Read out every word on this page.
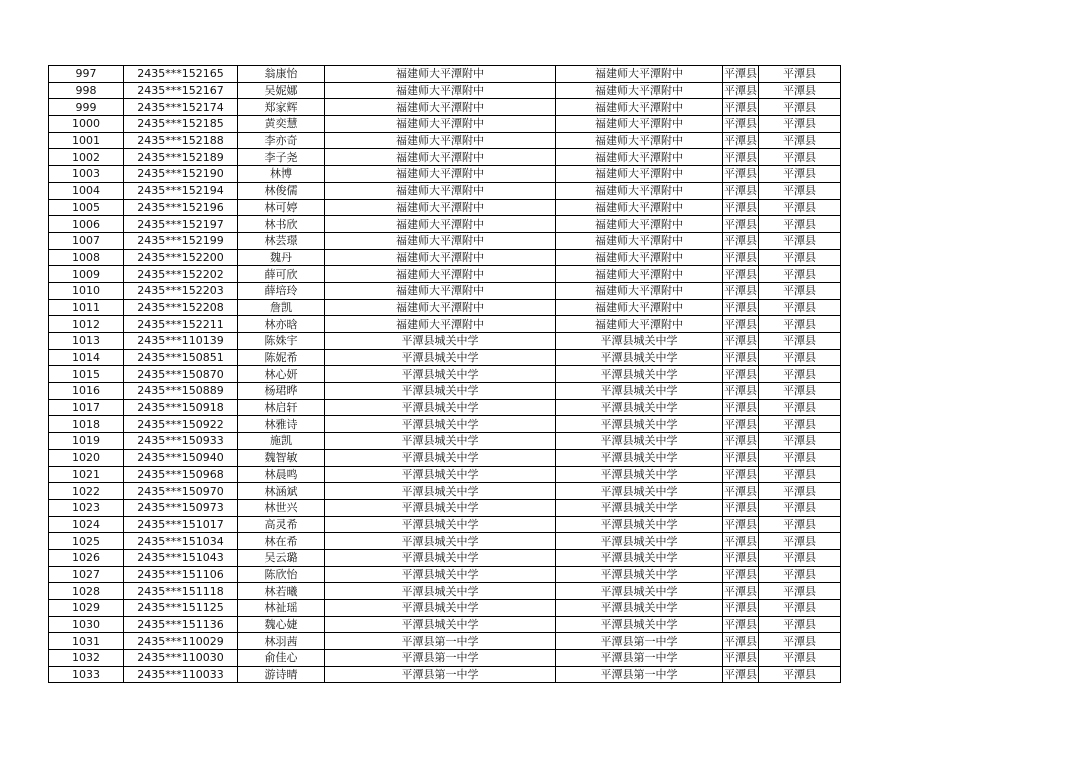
997	2435***152165	翁康怡	福建师大平潭附中	福建师大平潭附中	平潭县	平潭县
998	2435***152167	吴妮娜	福建师大平潭附中	福建师大平潭附中	平潭县	平潭县
999	2435***152174	郑家辉	福建师大平潭附中	福建师大平潭附中	平潭县	平潭县
1000	2435***152185	黄奕慧	福建师大平潭附中	福建师大平潭附中	平潭县	平潭县
1001	2435***152188	李亦奇	福建师大平潭附中	福建师大平潭附中	平潭县	平潭县
1002	2435***152189	李子尧	福建师大平潭附中	福建师大平潭附中	平潭县	平潭县
1003	2435***152190	林博	福建师大平潭附中	福建师大平潭附中	平潭县	平潭县
1004	2435***152194	林俊儒	福建师大平潭附中	福建师大平潭附中	平潭县	平潭县
1005	2435***152196	林可婷	福建师大平潭附中	福建师大平潭附中	平潭县	平潭县
1006	2435***152197	林书欣	福建师大平潭附中	福建师大平潭附中	平潭县	平潭县
1007	2435***152199	林芸璟	福建师大平潭附中	福建师大平潭附中	平潭县	平潭县
1008	2435***152200	魏丹	福建师大平潭附中	福建师大平潭附中	平潭县	平潭县
1009	2435***152202	薛可欣	福建师大平潭附中	福建师大平潭附中	平潭县	平潭县
1010	2435***152203	薛培玲	福建师大平潭附中	福建师大平潭附中	平潭县	平潭县
1011	2435***152208	詹凯	福建师大平潭附中	福建师大平潭附中	平潭县	平潭县
1012	2435***152211	林亦晗	福建师大平潭附中	福建师大平潭附中	平潭县	平潭县
1013	2435***110139	陈姝宇	平潭县城关中学	平潭县城关中学	平潭县	平潭县
1014	2435***150851	陈妮希	平潭县城关中学	平潭县城关中学	平潭县	平潭县
1015	2435***150870	林心妍	平潭县城关中学	平潭县城关中学	平潭县	平潭县
1016	2435***150889	杨珺晔	平潭县城关中学	平潭县城关中学	平潭县	平潭县
1017	2435***150918	林启轩	平潭县城关中学	平潭县城关中学	平潭县	平潭县
1018	2435***150922	林雅诗	平潭县城关中学	平潭县城关中学	平潭县	平潭县
1019	2435***150933	施凯	平潭县城关中学	平潭县城关中学	平潭县	平潭县
1020	2435***150940	魏智敏	平潭县城关中学	平潭县城关中学	平潭县	平潭县
1021	2435***150968	林晨鸣	平潭县城关中学	平潭县城关中学	平潭县	平潭县
1022	2435***150970	林涵斌	平潭县城关中学	平潭县城关中学	平潭县	平潭县
1023	2435***150973	林世兴	平潭县城关中学	平潭县城关中学	平潭县	平潭县
1024	2435***151017	高灵希	平潭县城关中学	平潭县城关中学	平潭县	平潭县
1025	2435***151034	林在希	平潭县城关中学	平潭县城关中学	平潭县	平潭县
1026	2435***151043	吴云璐	平潭县城关中学	平潭县城关中学	平潭县	平潭县
1027	2435***151106	陈欣怡	平潭县城关中学	平潭县城关中学	平潭县	平潭县
1028	2435***151118	林若曦	平潭县城关中学	平潭县城关中学	平潭县	平潭县
1029	2435***151125	林祉瑶	平潭县城关中学	平潭县城关中学	平潭县	平潭县
1030	2435***151136	魏心婕	平潭县城关中学	平潭县城关中学	平潭县	平潭县
1031	2435***110029	林羽茜	平潭县第一中学	平潭县第一中学	平潭县	平潭县
1032	2435***110030	俞佳心	平潭县第一中学	平潭县第一中学	平潭县	平潭县
1033	2435***110033	游诗晴	平潭县第一中学	平潭县第一中学	平潭县	平潭县
